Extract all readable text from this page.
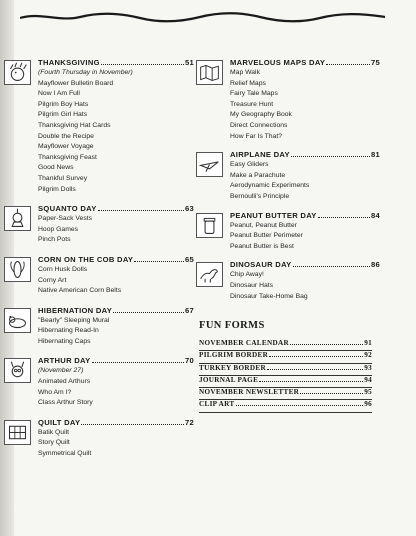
THANKSGIVING	51
(Fourth Thursday in November)
Mayflower Bulletin Board
Now I Am Full
Pilgrim Boy Hats
Pilgrim Girl Hats
Thanksgiving Hat Cards
Double the Recipe
Mayflower Voyage
Thanksgiving Feast
Good News
Thankful Survey
Pilgrim Dolls
SQUANTO DAY	63
Paper-Sack Vests
Hoop Games
Pinch Pots
CORN ON THE COB DAY	65
Corn Husk Dolls
Corny Art
Native American Corn Belts
HIBERNATION DAY	67
"Bearly" Sleeping Mural
Hibernating Read-In
Hibernating Caps
ARTHUR DAY	70
(November 27)
Animated Arthurs
Who Am I?
Class Arthur Story
QUILT DAY	72
Batik Quilt
Story Quilt
Symmetrical Quilt
MARVELOUS MAPS DAY	75
Map Walk
Relief Maps
Fairy Tale Maps
Treasure Hunt
My Geography Book
Direct Connections
How Far Is That?
AIRPLANE DAY	81
Easy Gliders
Make a Parachute
Aerodynamic Experiments
Bernoulli's Principle
PEANUT BUTTER DAY	84
Peanut, Peanut Butter
Peanut Butter Perimeter
Peanut Butter is Best
DINOSAUR DAY	86
Chip Away!
Dinosaur Hats
Dinosaur Take-Home Bag
FUN FORMS
NOVEMBER CALENDAR	91
PILGRIM BORDER	92
TURKEY BORDER	93
JOURNAL PAGE	94
NOVEMBER NEWSLETTER	95
CLIP ART	96
